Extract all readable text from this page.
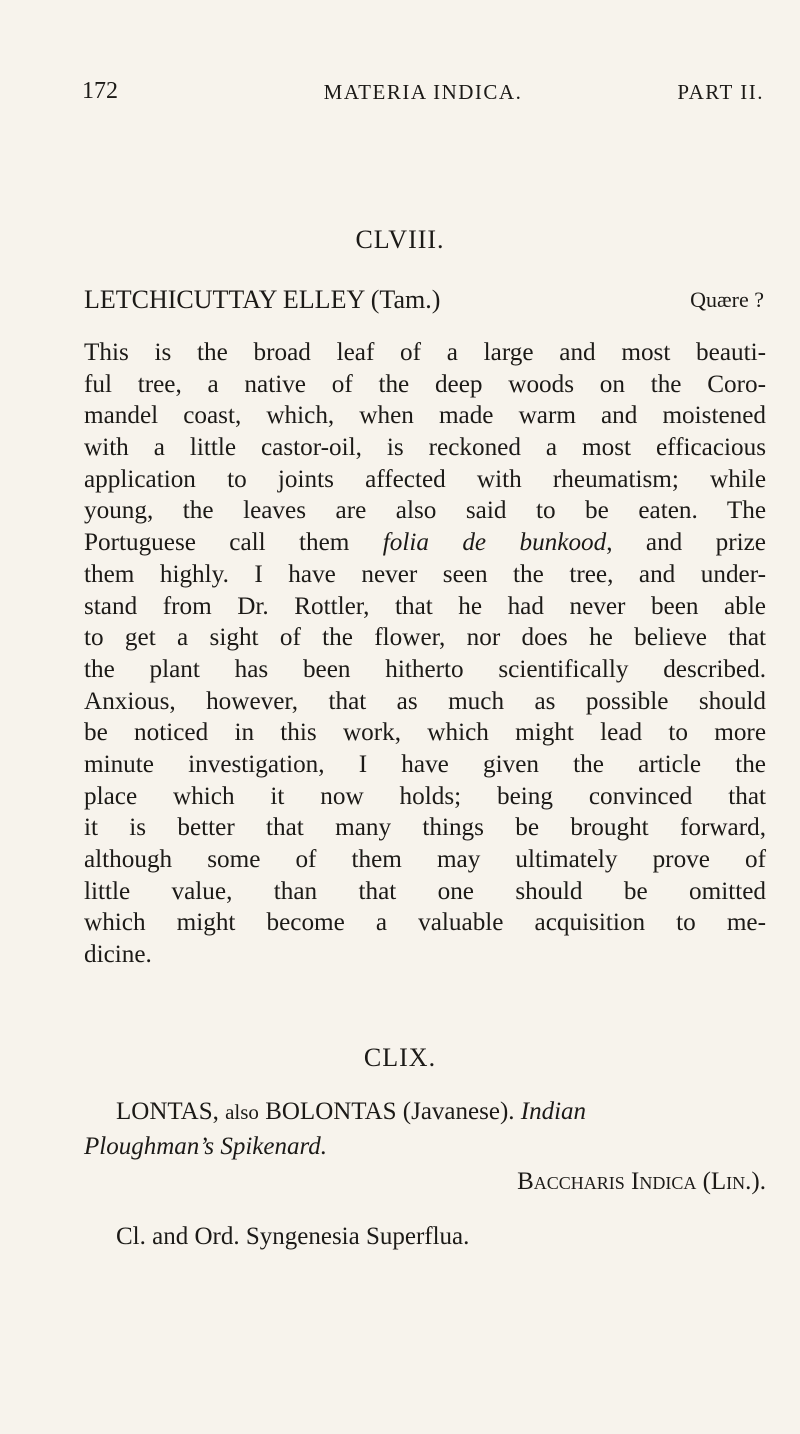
172	MATERIA INDICA.	PART II.
CLVIII.
LETCHICUTTAY ELLEY (Tam.)	Quære ?
This is the broad leaf of a large and most beauti-
ful tree, a native of the deep woods on the Coro-
mandel coast, which, when made warm and moistened
with a little castor-oil, is reckoned a most efficacious
application to joints affected with rheumatism; while
young, the leaves are also said to be eaten. The
Portuguese call them folia de bunkood, and prize
them highly. I have never seen the tree, and under-
stand from Dr. Rottler, that he had never been able
to get a sight of the flower, nor does he believe that
the plant has been hitherto scientifically described.
Anxious, however, that as much as possible should
be noticed in this work, which might lead to more
minute investigation, I have given the article the
place which it now holds; being convinced that
it is better that many things be brought forward,
although some of them may ultimately prove of
little value, than that one should be omitted
which might become a valuable acquisition to me-
dicine.
CLIX.
LONTAS, also BOLONTAS (Javanese). Indian
Ploughman’s Spikenard.
Baccharis Indica (Lin.).
Cl. and Ord. Syngenesia Superflua.
